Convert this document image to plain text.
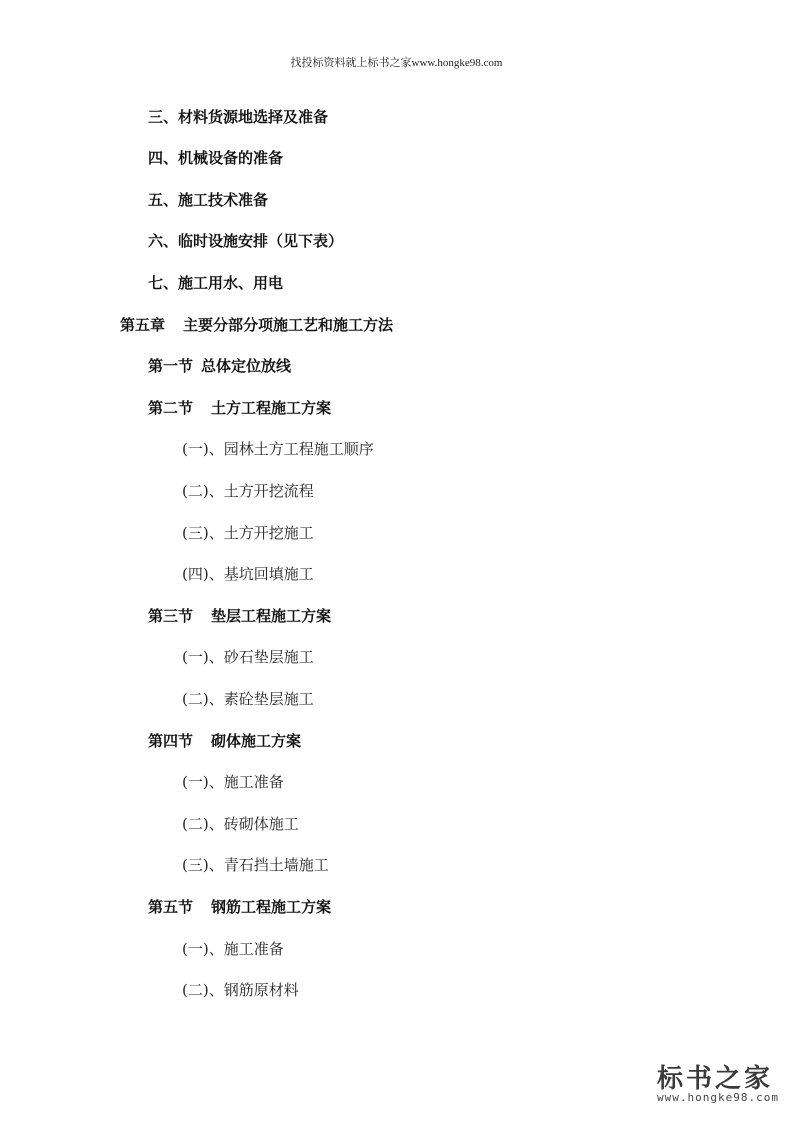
找投标资料就上标书之家www.hongke98.com
三、材料货源地选择及准备
四、机械设备的准备
五、施工技术准备
六、临时设施安排（见下表）
七、施工用水、用电
第五章 主要分部分项施工艺和施工方法
第一节 总体定位放线
第二节 土方工程施工方案
(一)、园林土方工程施工顺序
(二)、土方开挖流程
(三)、土方开挖施工
(四)、基坑回填施工
第三节 垫层工程施工方案
(一)、砂石垫层施工
(二)、素砼垫层施工
第四节 砌体施工方案
(一)、施工准备
(二)、砖砌体施工
(三)、青石挡土墙施工
第五节 钢筋工程施工方案
(一)、施工准备
(二)、钢筋原材料
标书之家
www.hongke98.com
